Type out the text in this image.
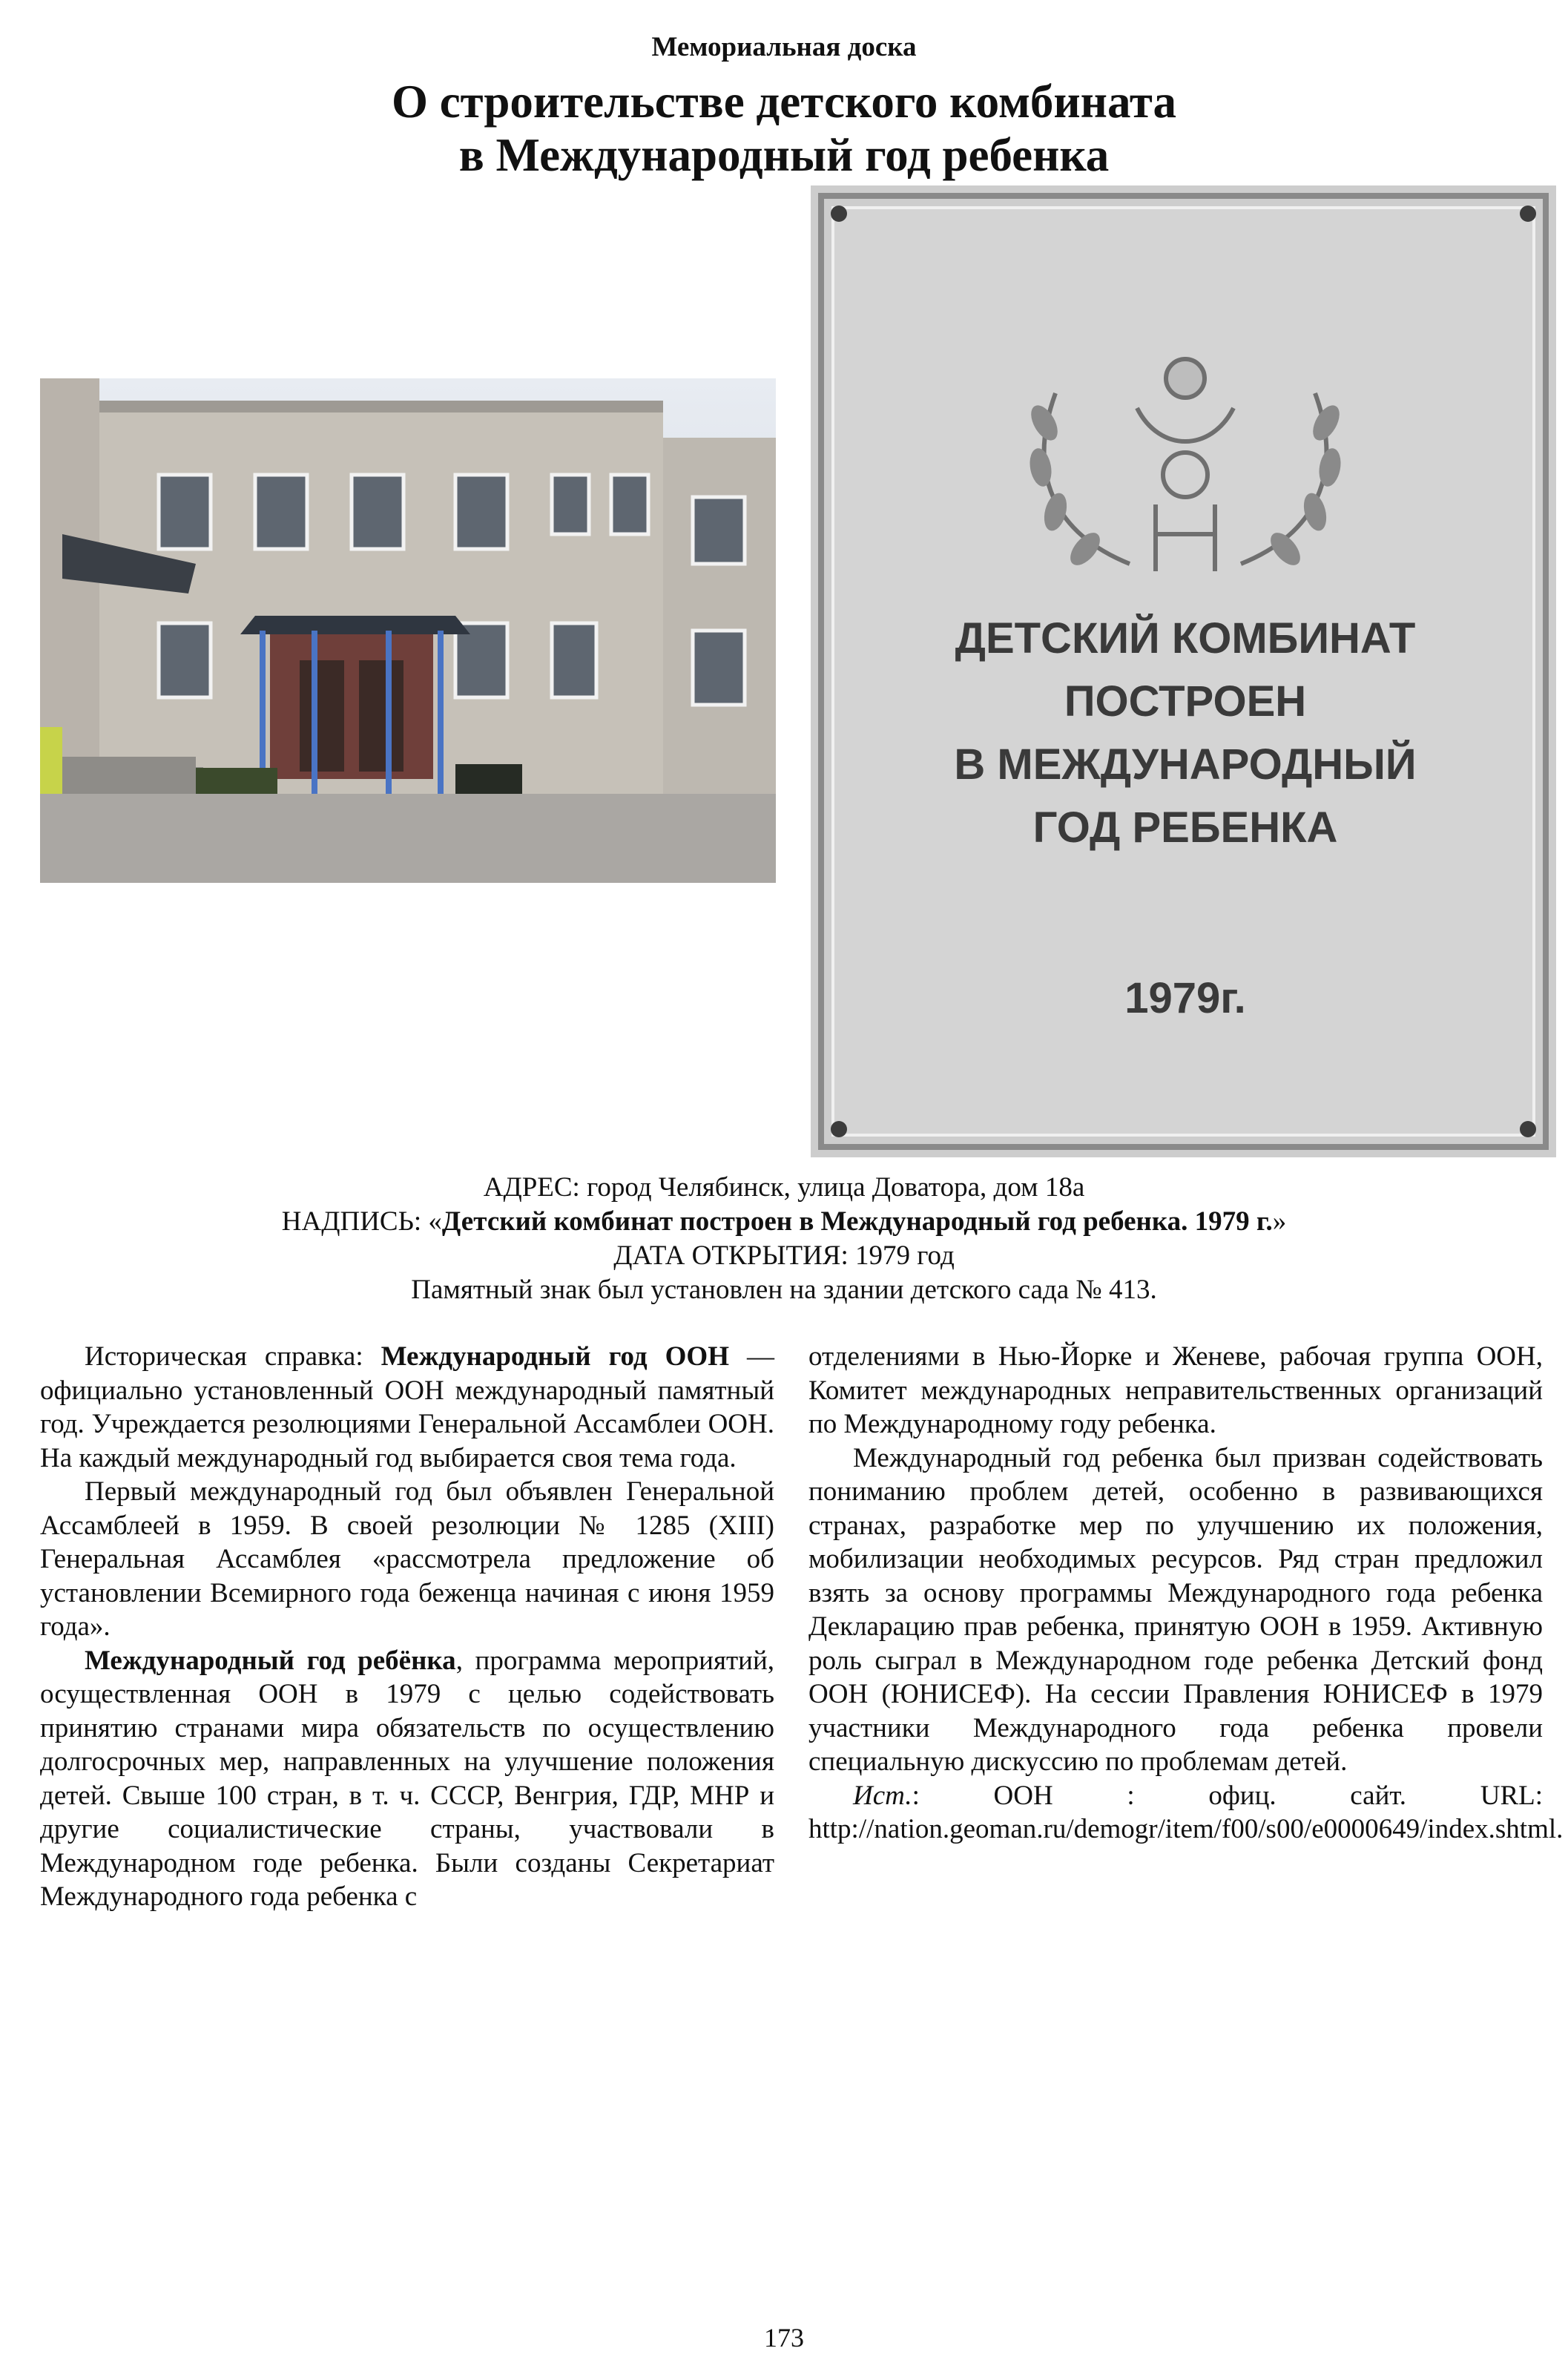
Мемориальная доска
О строительстве детского комбината
в Международный год ребенка
ДЕТСКИЙ КОМБИНАТ
ПОСТРОЕН
В МЕЖДУНАРОДНЫЙ
ГОД РЕБЕНКА
1979г.
АДРЕС: город Челябинск, улица Доватора, дом 18а
НАДПИСЬ: «Детский комбинат построен в Международный год ребенка. 1979 г.»
ДАТА ОТКРЫТИЯ: 1979 год
Памятный знак был установлен на здании детского сада № 413.

Историческая справка: Международный год ООН — официально установленный ООН международный памятный год. Учреждается резолюциями Генеральной Ассамблеи ООН. На каждый международный год выбирается своя тема года.

Первый международный год был объявлен Генеральной Ассамблеей в 1959. В своей резолюции № 1285 (XIII) Генеральная Ассамблея «рассмотрела предложение об установлении Всемирного года беженца начиная с июня 1959 года».

Международный год ребёнка, программа мероприятий, осуществленная ООН в 1979 с целью содействовать принятию странами мира обязательств по осуществлению долгосрочных мер, направленных на улучшение положения детей. Свыше 100 стран, в т. ч. СССР, Венгрия, ГДР, МНР и другие социалистические страны, участвовали в Международном годе ребенка. Были созданы Секретариат Международного года ребенка с

отделениями в Нью-Йорке и Женеве, рабочая группа ООН, Комитет международных неправительственных организаций по Международному году ребенка.

Международный год ребенка был призван содействовать пониманию проблем детей, особенно в развивающихся странах, разработке мер по улучшению их положения, мобилизации необходимых ресурсов. Ряд стран предложил взять за основу программы Международного года ребенка Декларацию прав ребенка, принятую ООН в 1959. Активную роль сыграл в Международном годе ребенка Детский фонд ООН (ЮНИСЕФ). На сессии Правления ЮНИСЕФ в 1979 участники Международного года ребенка провели специальную дискуссию по проблемам детей.

Ист.: ООН : офиц. сайт. URL: http://nation.geoman.ru/demogr/item/f00/s00/e0000649/index.shtml.

173
